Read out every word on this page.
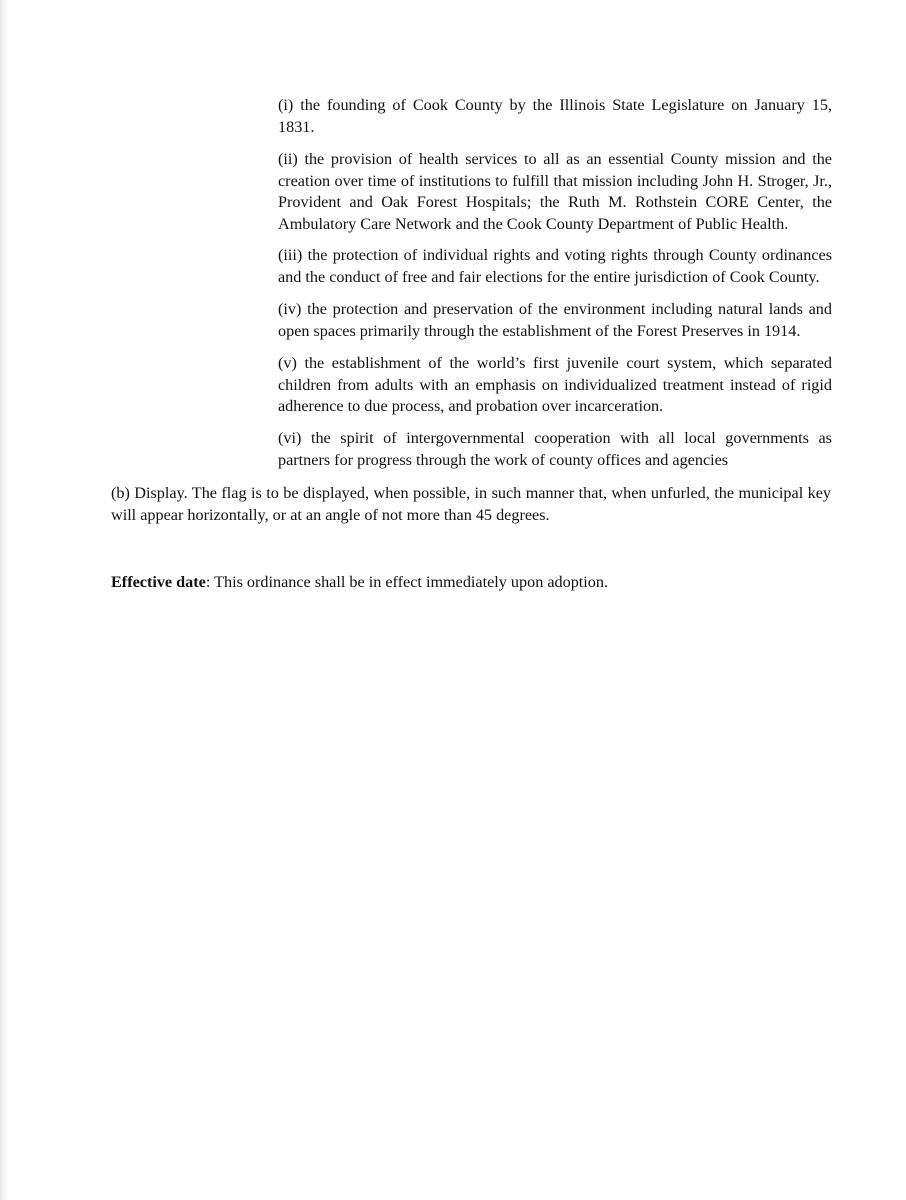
(i) the founding of Cook County by the Illinois State Legislature on January 15, 1831.

(ii) the provision of health services to all as an essential County mission and the creation over time of institutions to fulfill that mission including John H. Stroger, Jr., Provident and Oak Forest Hospitals; the Ruth M. Rothstein CORE Center, the Ambulatory Care Network and the Cook County Department of Public Health.

(iii) the protection of individual rights and voting rights through County ordinances and the conduct of free and fair elections for the entire jurisdiction of Cook County.

(iv) the protection and preservation of the environment including natural lands and open spaces primarily through the establishment of the Forest Preserves in 1914.

(v) the establishment of the world’s first juvenile court system, which separated children from adults with an emphasis on individualized treatment instead of rigid adherence to due process, and probation over incarceration.

(vi) the spirit of intergovernmental cooperation with all local governments as partners for progress through the work of county offices and agencies

(b) Display. The flag is to be displayed, when possible, in such manner that, when unfurled, the municipal key will appear horizontally, or at an angle of not more than 45 degrees.

Effective date: This ordinance shall be in effect immediately upon adoption.
